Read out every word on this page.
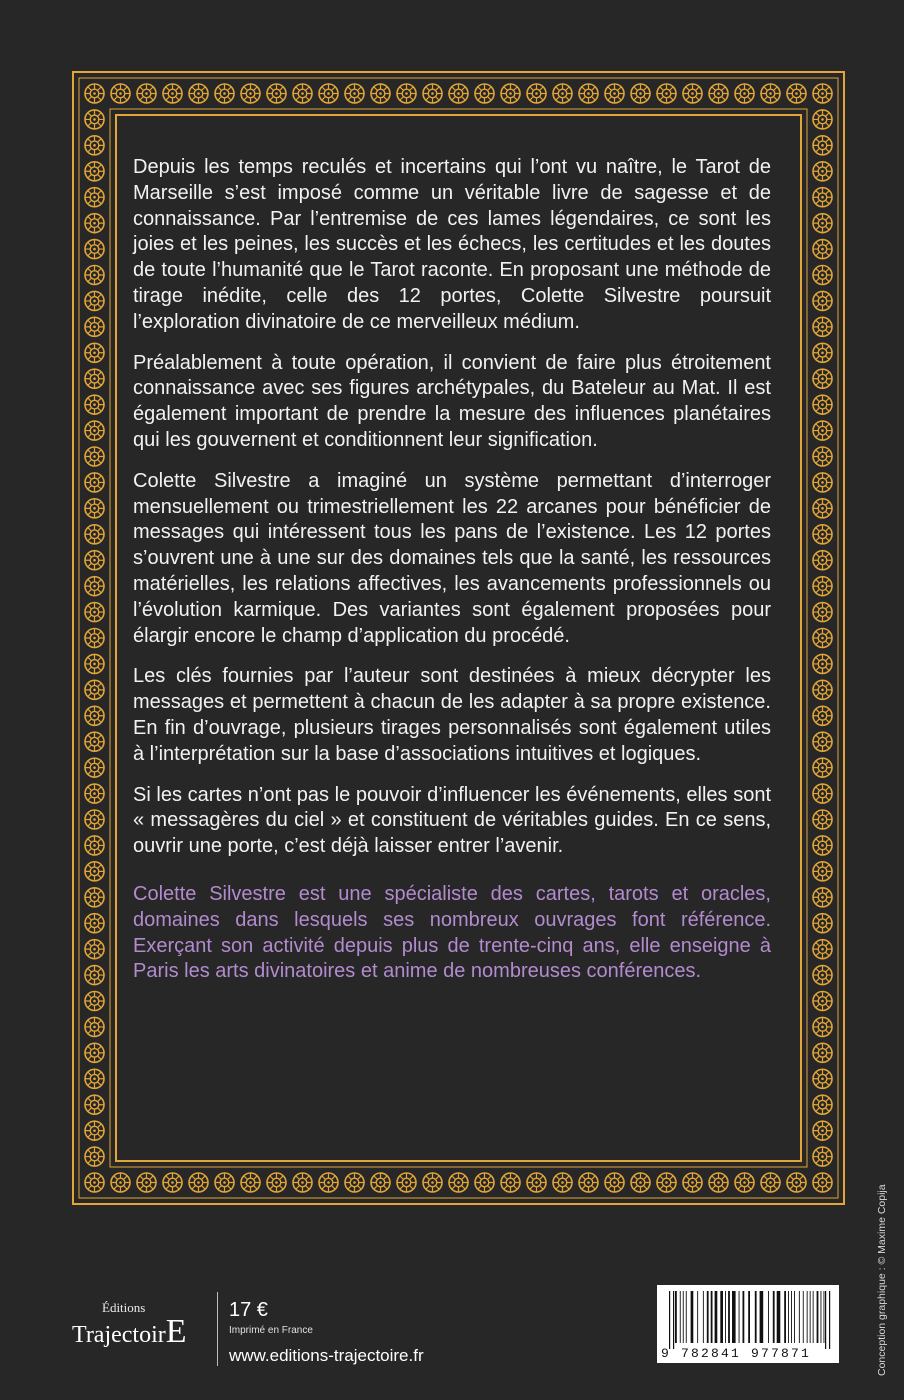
Depuis les temps reculés et incertains qui l’ont vu naître, le Tarot de Marseille s’est imposé comme un véritable livre de sagesse et de connaissance. Par l’entremise de ces lames légendaires, ce sont les joies et les peines, les succès et les échecs, les certitudes et les doutes de toute l’humanité que le Tarot raconte. En proposant une méthode de tirage inédite, celle des 12 portes, Colette Silvestre poursuit l’exploration divinatoire de ce merveilleux médium.

Préalablement à toute opération, il convient de faire plus étroitement connaissance avec ses figures archétypales, du Bateleur au Mat. Il est également important de prendre la mesure des influences planétaires qui les gouvernent et conditionnent leur signification.

Colette Silvestre a imaginé un système permettant d’interroger mensuellement ou trimestriellement les 22 arcanes pour bénéficier de messages qui intéressent tous les pans de l’existence. Les 12 portes s’ouvrent une à une sur des domaines tels que la santé, les ressources matérielles, les relations affectives, les avancements professionnels ou l’évolution karmique. Des variantes sont également proposées pour élargir encore le champ d’application du procédé.

Les clés fournies par l’auteur sont destinées à mieux décrypter les messages et permettent à chacun de les adapter à sa propre existence. En fin d’ouvrage, plusieurs tirages personnalisés sont également utiles à l’interprétation sur la base d’associations intuitives et logiques.

Si les cartes n’ont pas le pouvoir d’influencer les événements, elles sont « messagères du ciel » et constituent de véritables guides. En ce sens, ouvrir une porte, c’est déjà laisser entrer l’avenir.

Colette Silvestre est une spécialiste des cartes, tarots et oracles, domaines dans lesquels ses nombreux ouvrages font référence. Exerçant son activité depuis plus de trente-cinq ans, elle enseigne à Paris les arts divinatoires et anime de nombreuses conférences.

Conception graphique : © Maxime Copija
Éditions
TrajectoirE
17 €
Imprimé en France
www.editions-trajectoire.fr	9 782841 977871
